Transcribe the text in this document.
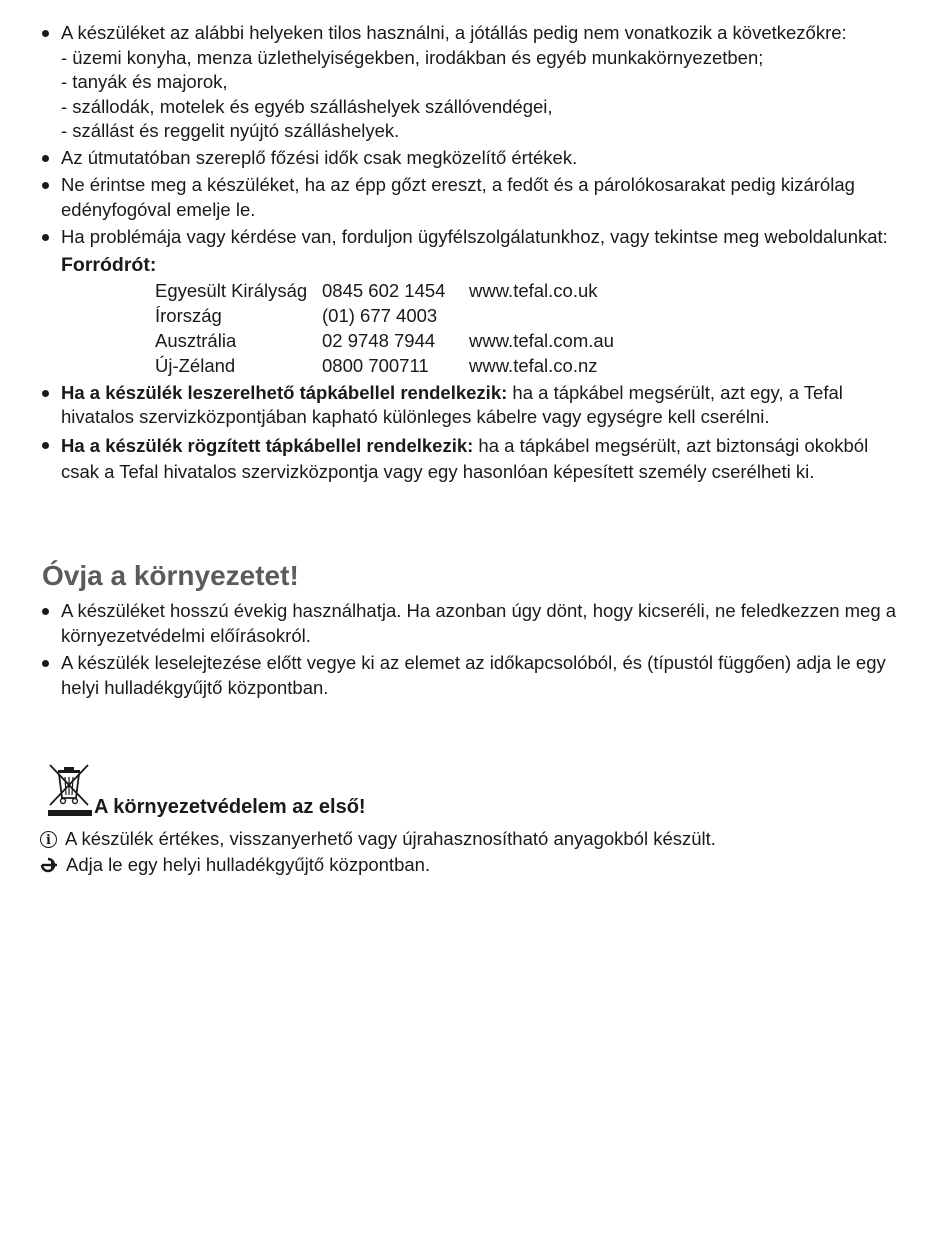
A készüléket az alábbi helyeken tilos használni, a jótállás pedig nem vonatkozik a következőkre:
- üzemi konyha, menza üzlethelyiségekben, irodákban és egyéb munkakörnyezetben;
- tanyák és majorok,
- szállodák, motelek és egyéb szálláshelyek szállóvendégei,
- szállást és reggelit nyújtó szálláshelyek.
Az útmutatóban szereplő főzési idők csak megközelítő értékek.
Ne érintse meg a készüléket, ha az épp gőzt ereszt, a fedőt és a párolókosarakat pedig kizárólag edényfogóval emelje le.
Ha problémája vagy kérdése van, forduljon ügyfélszolgálatunkhoz, vagy tekintse meg weboldalunkat:
Forródrót:
Egyesült Királyság	0845 602 1454	www.tefal.co.uk
Írország	(01) 677 4003	
Ausztrália	02 9748 7944	www.tefal.com.au
Új-Zéland	0800 700711	www.tefal.co.nz
Ha a készülék leszerelhető tápkábellel rendelkezik: ha a tápkábel megsérült, azt egy, a Tefal hivatalos szervizközpontjában kapható különleges kábelre vagy egységre kell cserélni.
Ha a készülék rögzített tápkábellel rendelkezik: ha a tápkábel megsérült, azt biztonsági okokból csak a Tefal hivatalos szervizközpontja vagy egy hasonlóan képesített személy cserélheti ki.
Óvja a környezetet!
A készüléket hosszú évekig használhatja. Ha azonban úgy dönt, hogy kicseréli, ne feledkezzen meg a környezetvédelmi előírásokról.
A készülék leselejtezése előtt vegye ki az elemet az időkapcsolóból, és (típustól függően) adja le egy helyi hulladékgyűjtő központban.
A környezetvédelem az első!
i A készülék értékes, visszanyerhető vagy újrahasznosítható anyagokból készült.
Adja le egy helyi hulladékgyűjtő központban.
